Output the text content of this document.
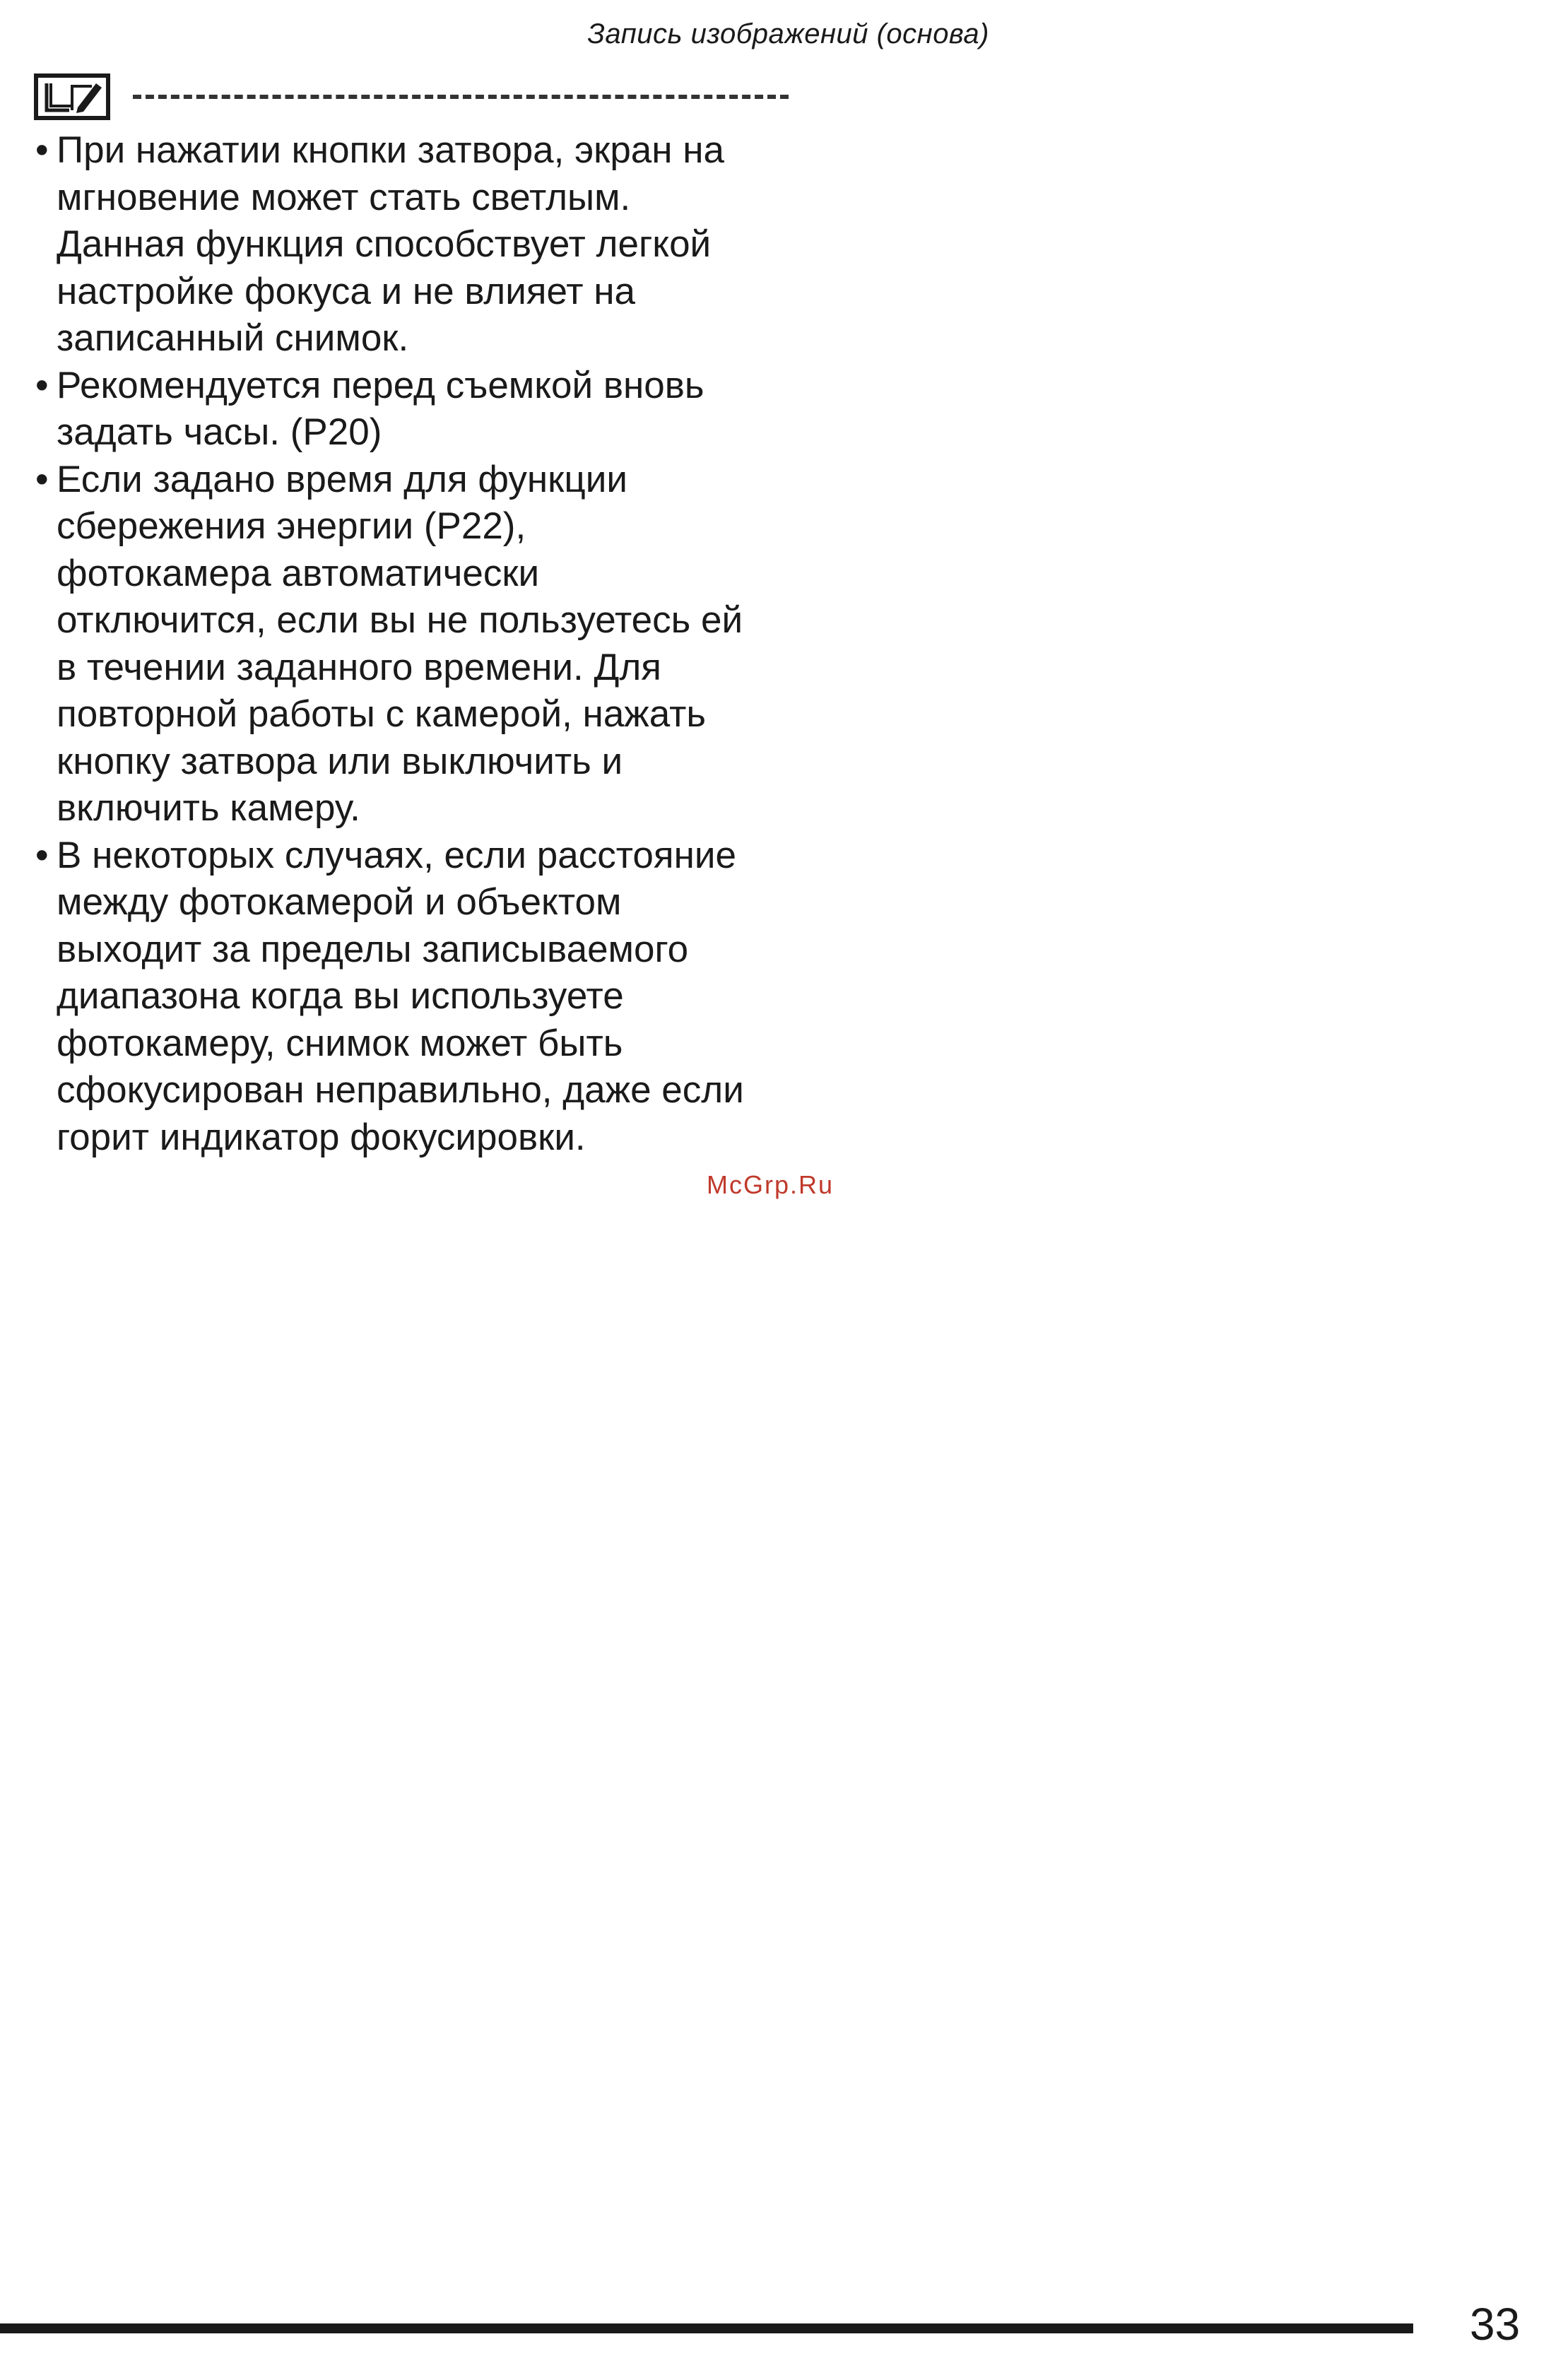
Запись изображений (основа)
• При нажатии кнопки затвора, экран на
мгновение может стать светлым.
Данная функция способствует легкой
настройке фокуса и не влияет на
записанный снимок.
• Рекомендуется перед съемкой вновь
задать часы. (P20)
• Если задано время для функции
сбережения энергии (P22),
фотокамера автоматически
отключится, если вы не пользуетесь ей
в течении заданного времени. Для
повторной работы с камерой, нажать
кнопку затвора или выключить и
включить камеру.
• В некоторых случаях, если расстояние
между фотокамерой и объектом
выходит за пределы записываемого
диапазона когда вы используете
фотокамеру, снимок может быть
сфокусирован неправильно, даже если
горит индикатор фокусировки.
McGrp.Ru
33
